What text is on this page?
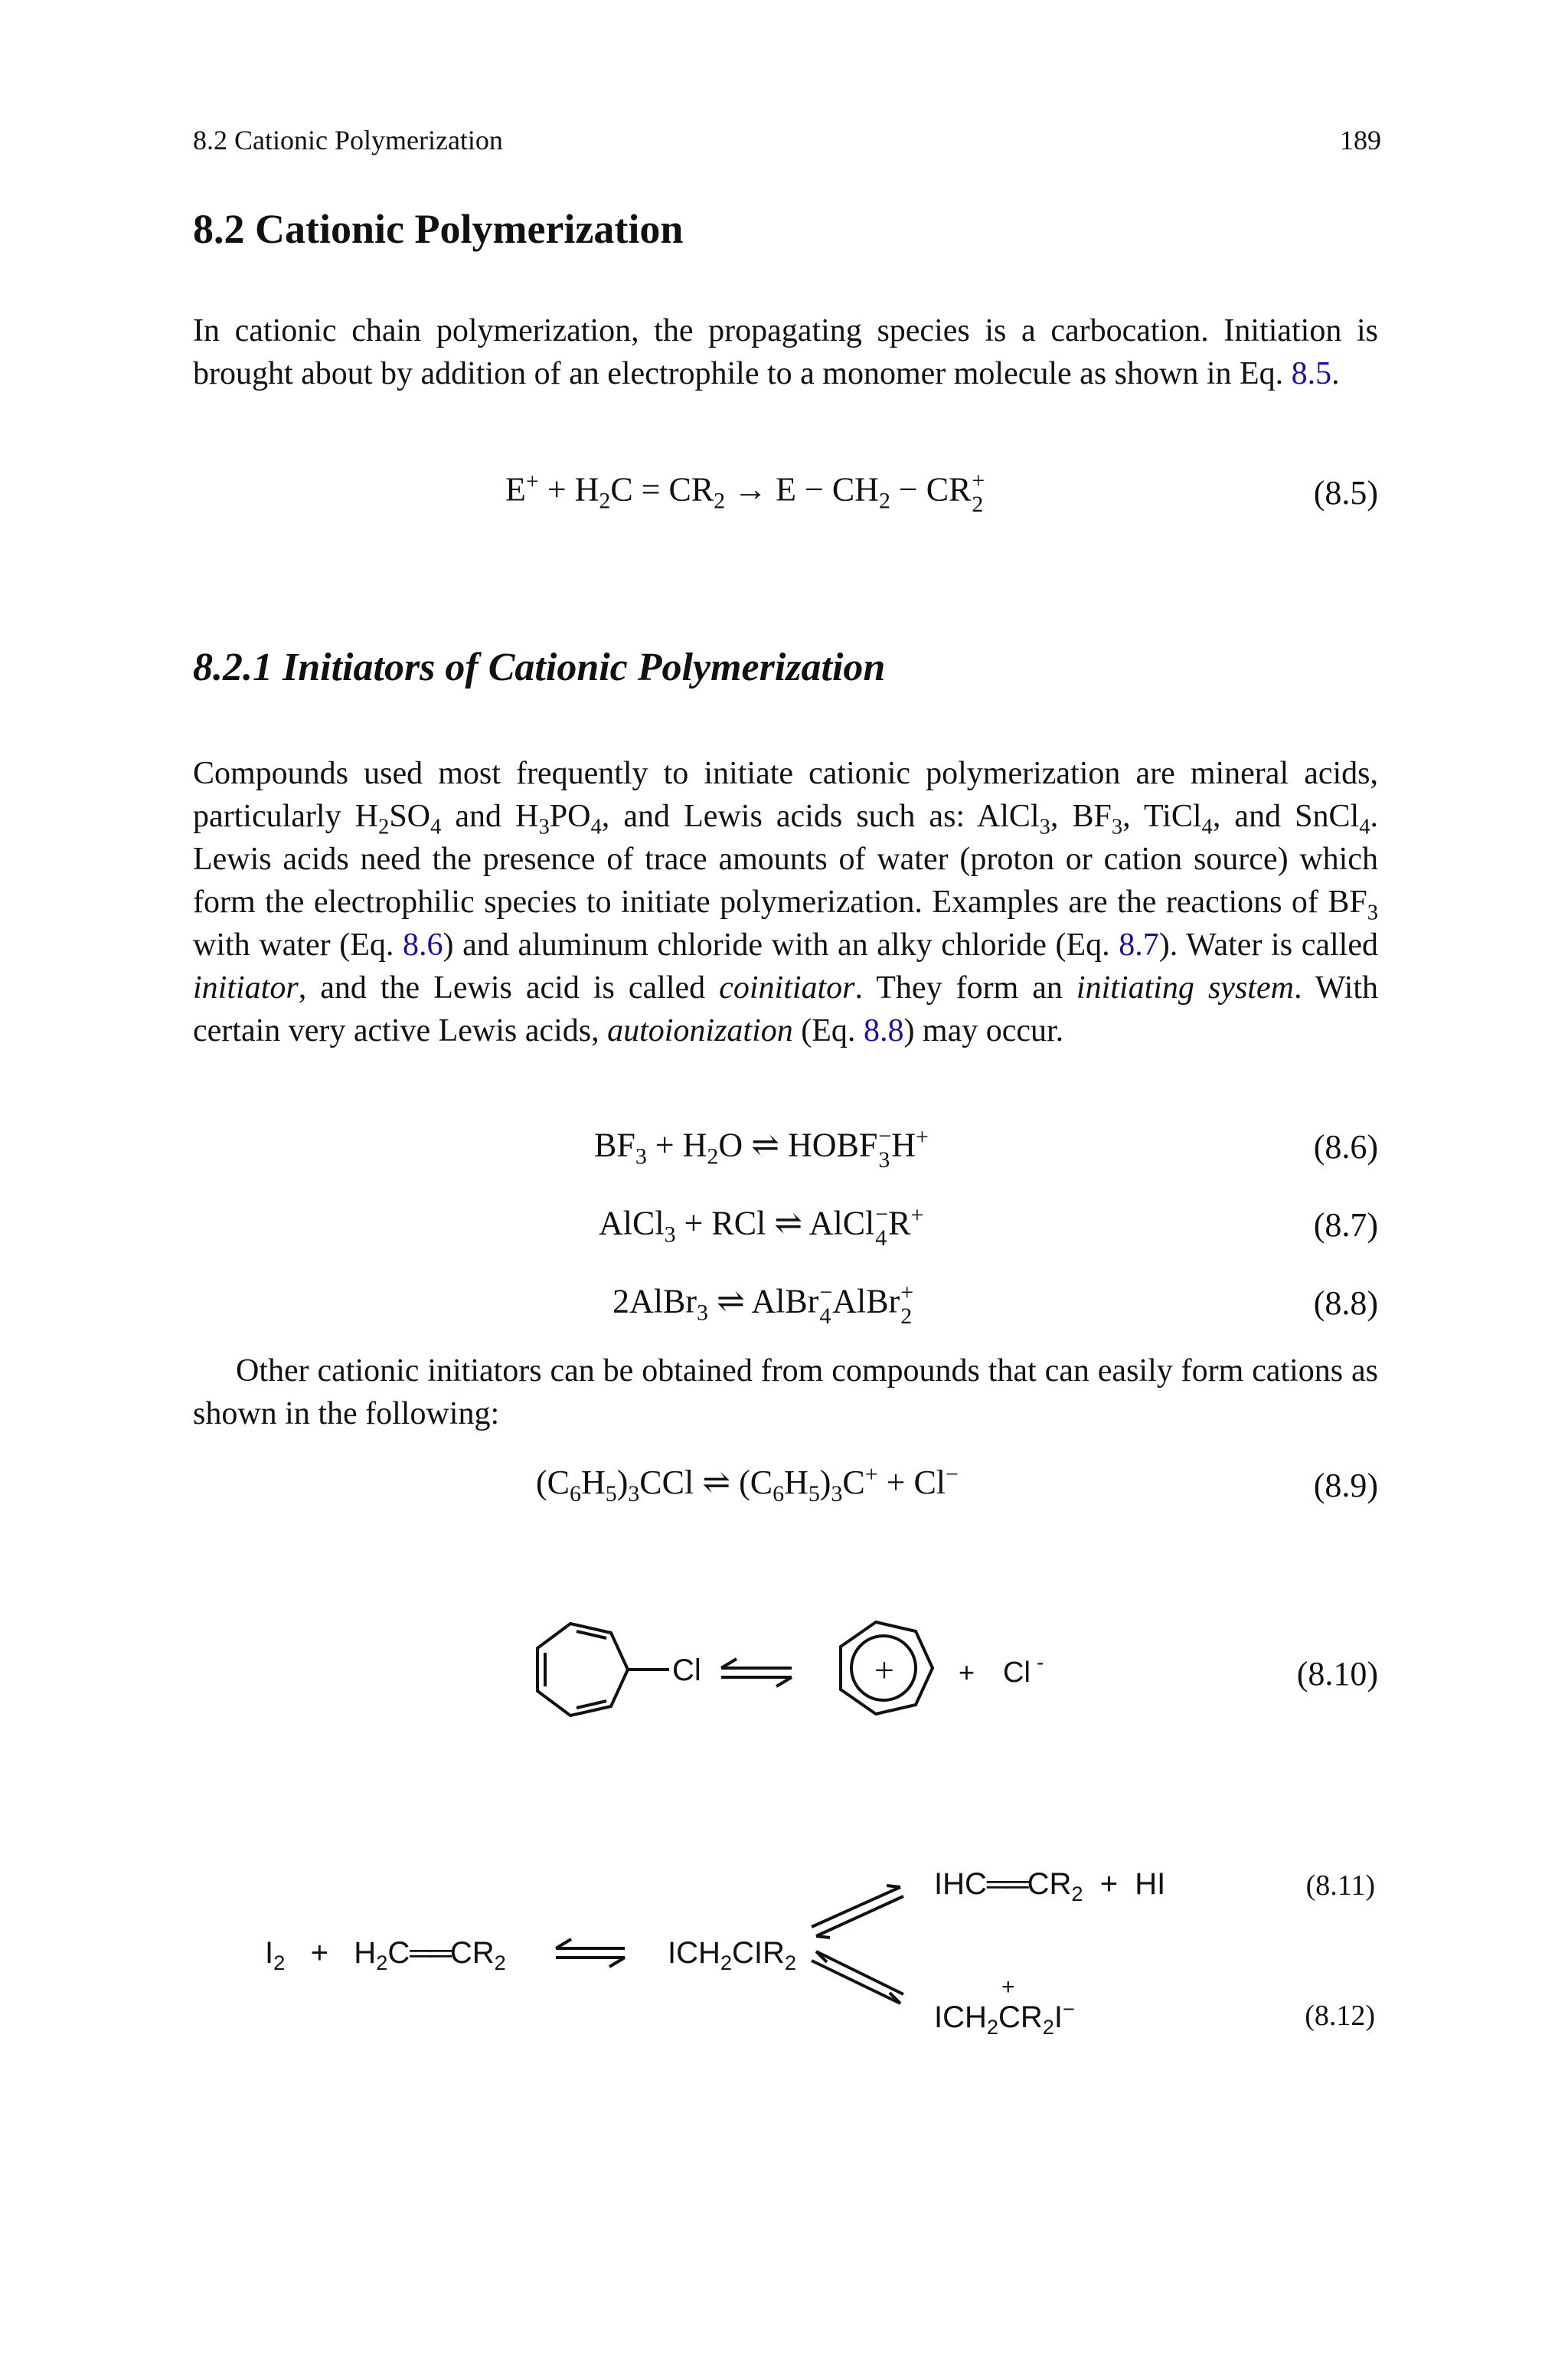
8.2 Cationic Polymerization	189
8.2 Cationic Polymerization

In cationic chain polymerization, the propagating species is a carbocation. Initiation is brought about by addition of an electrophile to a monomer molecule as shown in Eq. 8.5.

$E^+ + H_2C = CR_2 \to E - CH_2$ − CR +
2	(8.5)
8.2.1 Initiators of Cationic Polymerization

Compounds used most frequently to initiate cationic polymerization are mineral acids, particularly $H_2SO_4$ and $H_3PO_4$, and Lewis acids such as: AlCl$_3$, $BF_3$, TiCl$_4$, and SnCl$_4$. Lewis acids need the presence of trace amounts of water (proton or cation source) which form the electrophilic species to initiate polymerization. Examples are the reactions of $BF_3$ with water (Eq. 8.6) and aluminum chloride with an alky chloride (Eq. 8.7). Water is called initiator, and the Lewis acid is called coinitiator. They form an initiating system. With certain very active Lewis acids, autoionization (Eq. 8.8) may occur.

$BF_3 + H_2O$ ⇌ HOBF −
3 H+	(8.6)
AlCl$_3$ + RCl ⇌ AlCl −
4 R+	(8.7)
2AlBr$_3$ ⇌ AlBr −
4 AlBr +
2	(8.8)

Other cationic initiators can be obtained from compounds that can easily form cations as shown in the following:

$(C_6H_5)_3CCl$ ⇌ $(C_6H_5)_3C^+ + Cl^-$	(8.9)
Cl	+ + Cl -	(8.10)
$IHC══CR_2$  +  HI	(8.11)
$I_2$   +   $H_2C══CR_2$	$ICH_2CIR_2$
$ICH_2C$
+
$R_2I^-$	(8.12)
